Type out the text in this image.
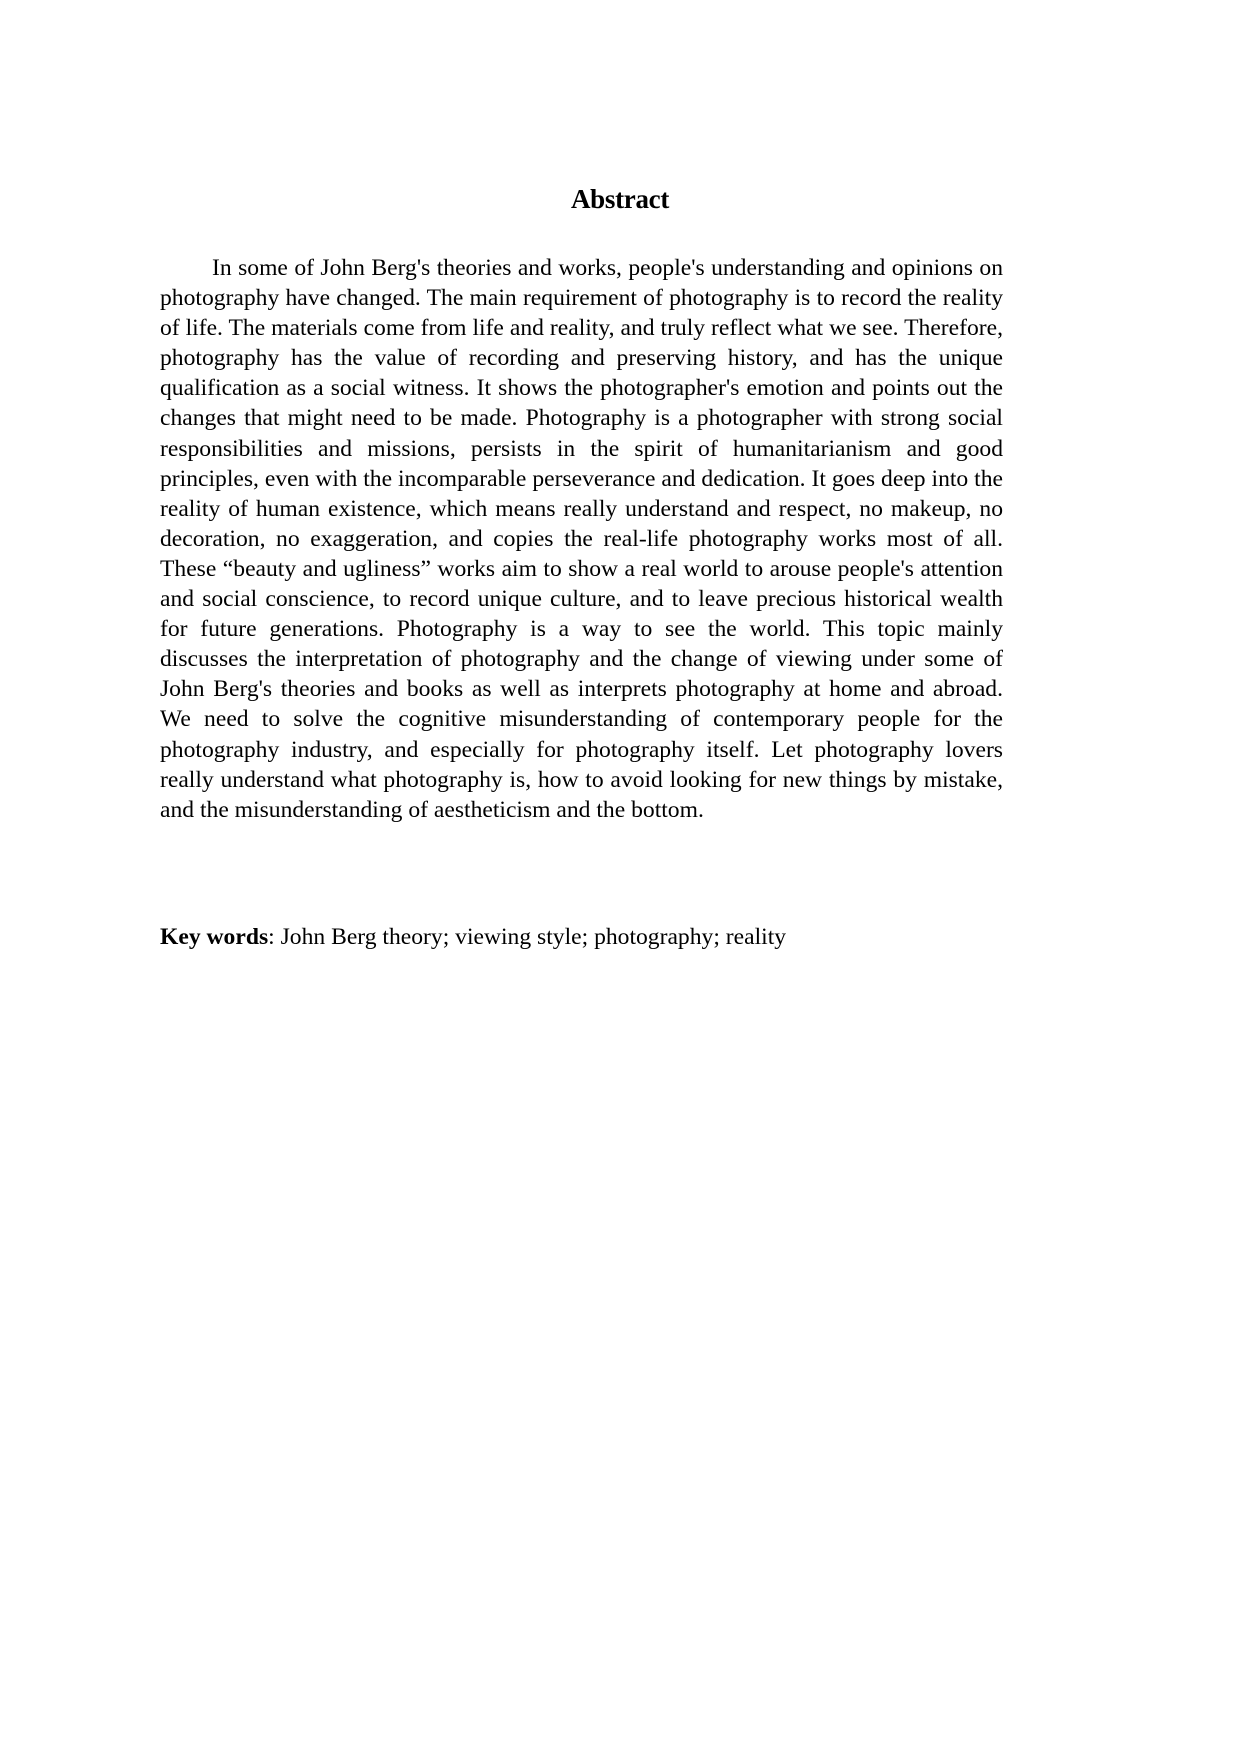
Abstract

In some of John Berg's theories and works, people's understanding and opinions on photography have changed. The main requirement of photography is to record the reality of life. The materials come from life and reality, and truly reflect what we see. Therefore, photography has the value of recording and preserving history, and has the unique qualification as a social witness. It shows the photographer's emotion and points out the changes that might need to be made. Photography is a photographer with strong social responsibilities and missions, persists in the spirit of humanitarianism and good principles, even with the incomparable perseverance and dedication. It goes deep into the reality of human existence, which means really understand and respect, no makeup, no decoration, no exaggeration, and copies the real-life photography works most of all. These “beauty and ugliness” works aim to show a real world to arouse people's attention and social conscience, to record unique culture, and to leave precious historical wealth for future generations. Photography is a way to see the world. This topic mainly discusses the interpretation of photography and the change of viewing under some of John Berg's theories and books as well as interprets photography at home and abroad. We need to solve the cognitive misunderstanding of contemporary people for the photography industry, and especially for photography itself. Let photography lovers really understand what photography is, how to avoid looking for new things by mistake, and the misunderstanding of aestheticism and the bottom.

Key words: John Berg theory; viewing style; photography; reality
